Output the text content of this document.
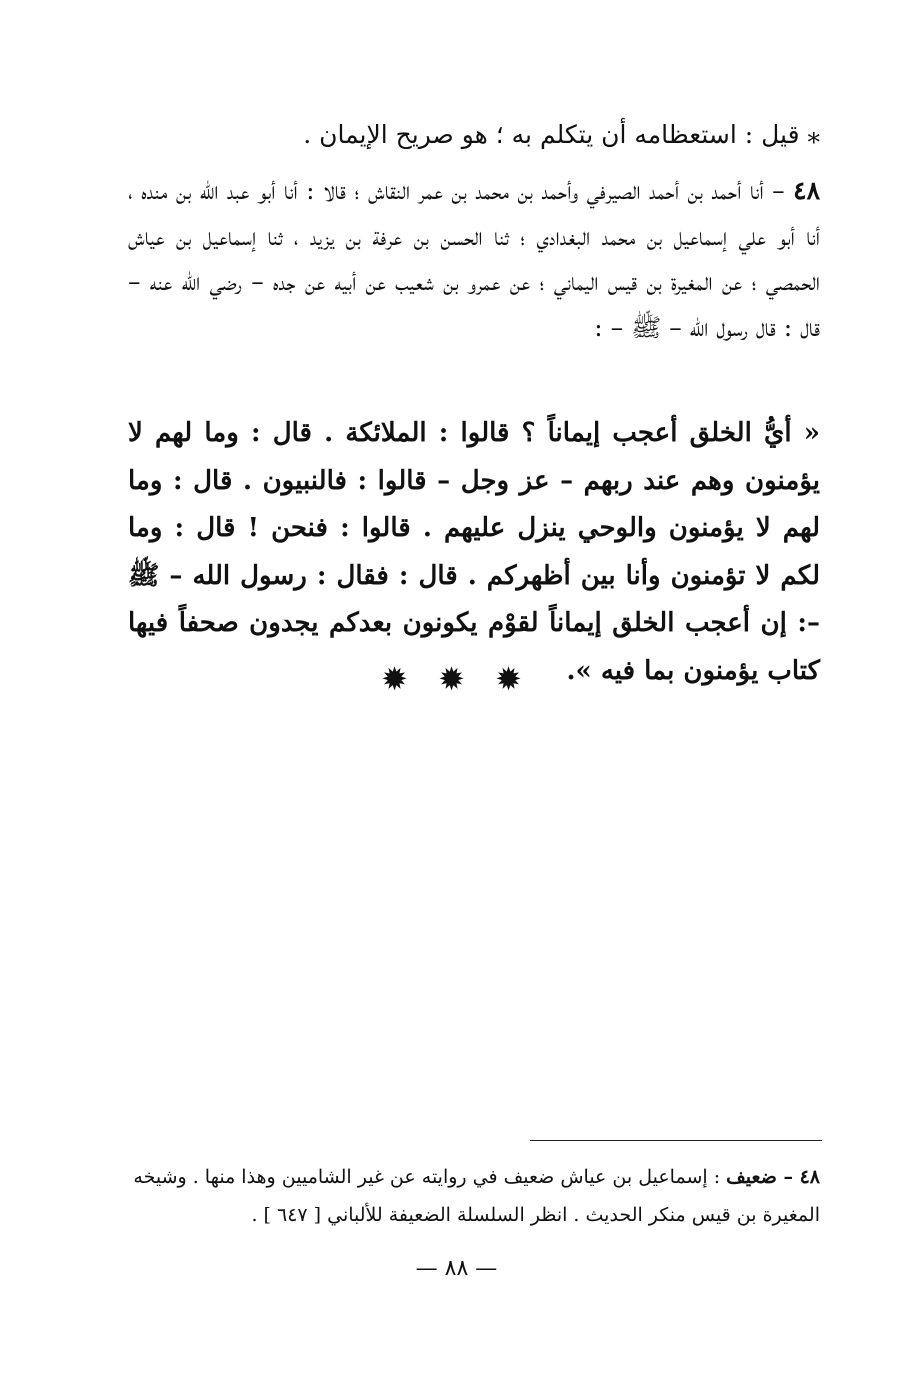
⁎ قيل : استعظامه أن يتكلم به ؛ هو صريح الإيمان .
٤٨ – أنا أحمد بن أحمد الصيرفي وأحمد بن محمد بن عمر النقاش ؛ قالا : أنا أبو عبد الله بن منده ، أنا أبو علي إسماعيل بن محمد البغدادي ؛ ثنا الحسن بن عرفة بن يزيد ، ثنا إسماعيل بن عياش الحمصي ؛ عن المغيرة بن قيس اليماني ؛ عن عمرو بن شعيب عن أبيه عن جده – رضي الله عنه – قال : قال رسول الله – ﷺ – :
« أيُّ الخلق أعجب إيماناً ؟ قالوا : الملائكة . قال : وما لهم لا يؤمنون وهم عند ربهم – عز وجل – قالوا : فالنبيون . قال : وما لهم لا يؤمنون والوحي ينزل عليهم . قالوا : فنحن ! قال : وما لكم لا تؤمنون وأنا بين أظهركم . قال : فقال : رسول الله – ﷺ –: إن أعجب الخلق إيماناً لقوْم يكونون بعدكم يجدون صحفاً فيها كتاب يؤمنون بما فيه ».
✹ ✹ ✹
٤٨ – ضعيف : إسماعيل بن عياش ضعيف في روايته عن غير الشاميين وهذا منها . وشيخه المغيرة بن قيس منكر الحديث . انظر السلسلة الضعيفة للألباني [ ٦٤٧ ] .
— ٨٨ —
